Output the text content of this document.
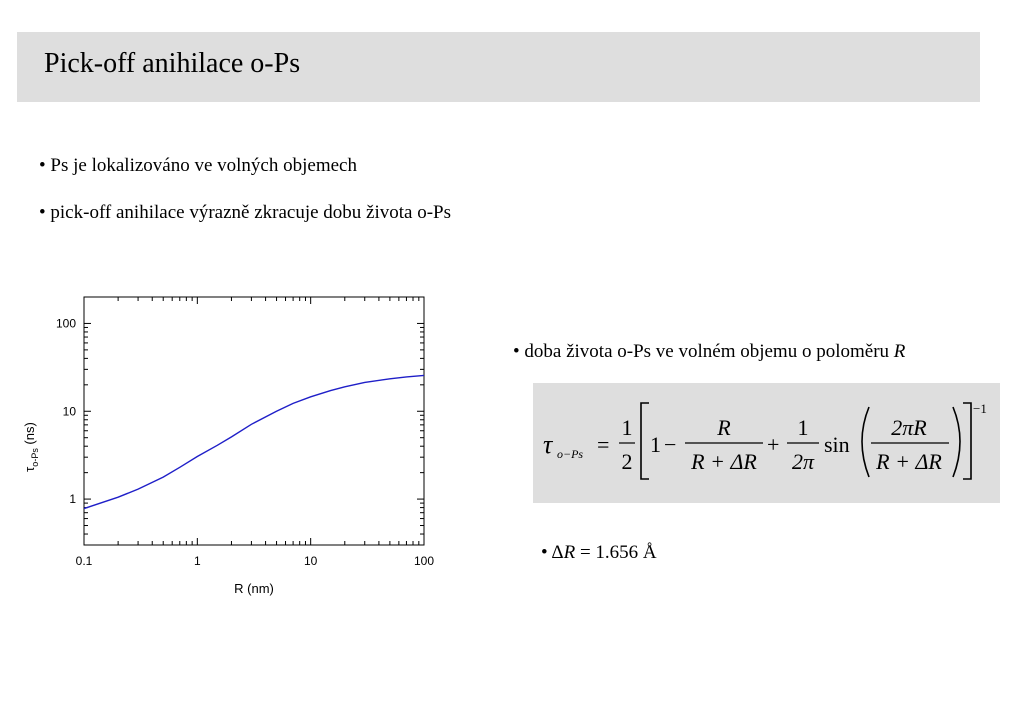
Pick-off anihilace o-Ps
• Ps je lokalizováno ve volných objemech
• pick-off anihilace výrazně zkracuje dobu života o-Ps
0.1	1	10	100
1
10
100
R (nm)
$\tau_{o-Ps}$ (ns)
• doba života o-Ps ve volném objemu o poloměru R
τ o−Ps =
1
2
1 −
R
R + ΔR
+
1
2π
sin
2πR
R + ΔR
−1
• ΔR = 1.656 Å
